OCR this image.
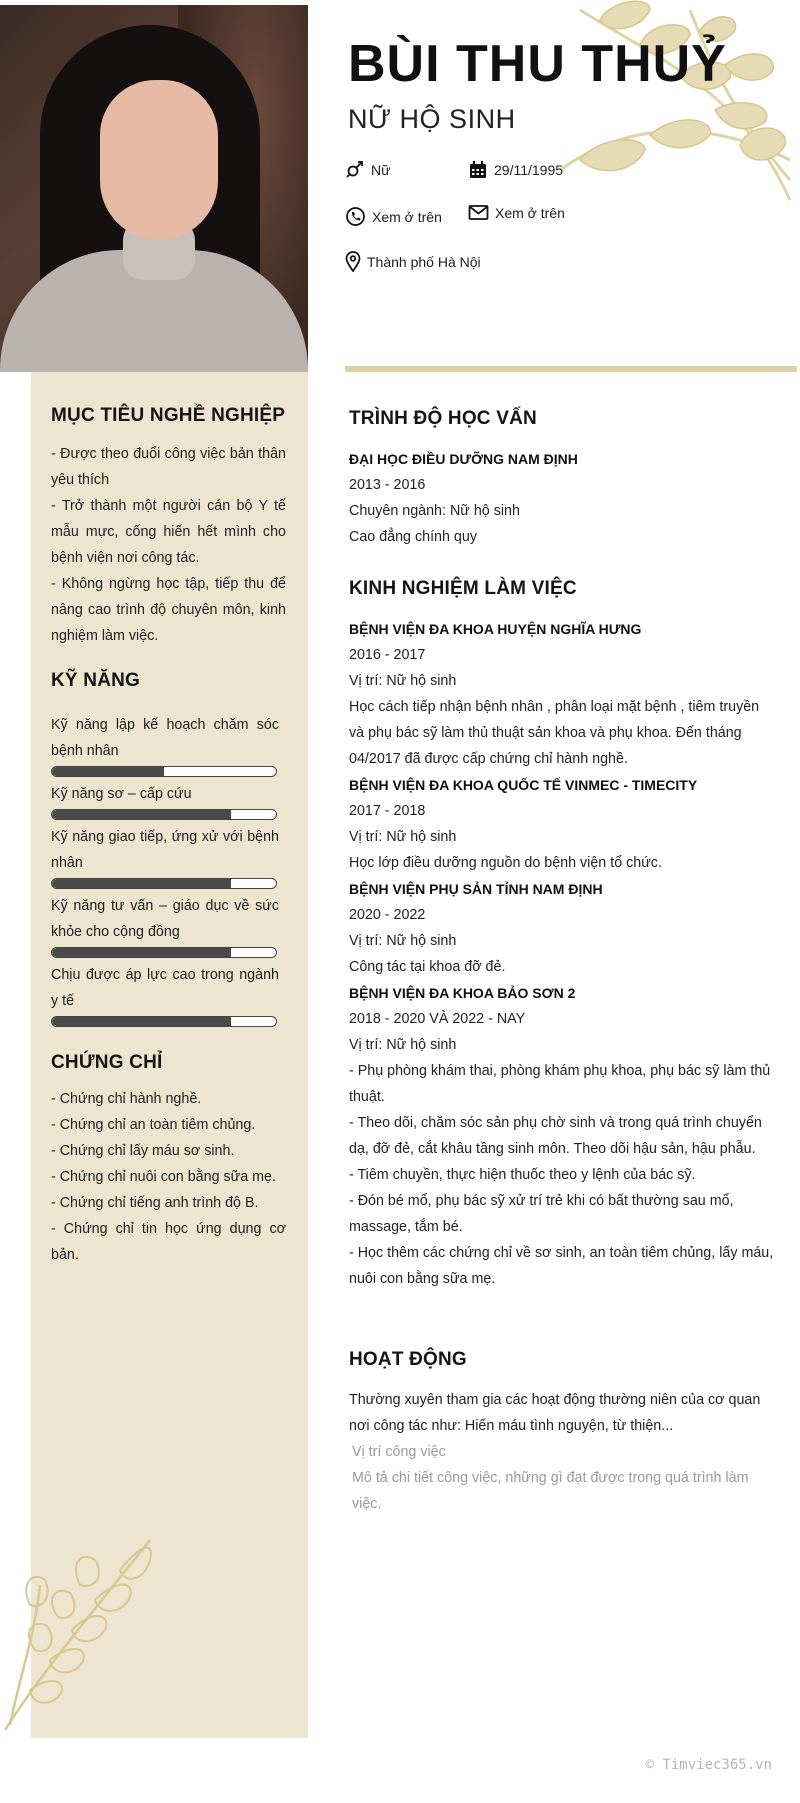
MỤC TIÊU NGHỀ NGHIỆP
- Được theo đuổi công việc bản thân yêu thích
- Trở thành một người cán bộ Y tế mẫu mực, cống hiến hết mình cho bệnh viện nơi công tác.
- Không ngừng học tập, tiếp thu để nâng cao trình độ chuyên môn, kinh nghiệm làm việc.
KỸ NĂNG
Kỹ năng lập kế hoạch chăm sóc bệnh nhân
Kỹ năng sơ – cấp cứu
Kỹ năng giao tiếp, ứng xử với bệnh nhân
Kỹ năng tư vấn – giáo dục về sức khỏe cho cộng đồng
Chịu được áp lực cao trong ngành y tế
CHỨNG CHỈ
- Chứng chỉ hành nghề.
- Chứng chỉ an toàn tiêm chủng.
- Chứng chỉ lấy máu sơ sinh.
- Chứng chỉ nuôi con bằng sữa mẹ.
- Chứng chỉ tiếng anh trình độ B.
- Chứng chỉ tin học ứng dụng cơ bản.
BÙI THU THUỶ
NỮ HỘ SINH
Nữ	29/11/1995
Xem ở trên	Xem ở trên
Thành phố Hà Nội
TRÌNH ĐỘ HỌC VẤN
ĐẠI HỌC ĐIỀU DƯỠNG NAM ĐỊNH
2013 - 2016
Chuyên ngành: Nữ hộ sinh
Cao đẳng chính quy
KINH NGHIỆM LÀM VIỆC
BỆNH VIỆN ĐA KHOA HUYỆN NGHĨA HƯNG
2016 - 2017
Vị trí: Nữ hộ sinh
Học cách tiếp nhận bệnh nhân , phân loại mặt bệnh , tiêm truyền và phụ bác sỹ làm thủ thuật sản khoa và phụ khoa. Đến tháng 04/2017 đã được cấp chứng chỉ hành nghề.
BỆNH VIỆN ĐA KHOA QUỐC TẾ VINMEC - TIMECITY
2017 - 2018
Vị trí: Nữ hộ sinh
Học lớp điều dưỡng nguồn do bệnh viện tổ chức.
BỆNH VIỆN PHỤ SẢN TỈNH NAM ĐỊNH
2020 - 2022
Vị trí: Nữ hộ sinh
Công tác tại khoa đỡ đẻ.
BỆNH VIỆN ĐA KHOA BẢO SƠN 2
2018 - 2020 VÀ 2022 - NAY
Vị trí: Nữ hộ sinh
- Phụ phòng khám thai, phòng khám phụ khoa, phụ bác sỹ làm thủ thuật.
- Theo dõi, chăm sóc sản phụ chờ sinh và trong quá trình chuyển dạ, đỡ đẻ, cắt khâu tầng sinh môn. Theo dõi hậu sản, hậu phẫu.
- Tiêm chuyền, thực hiện thuốc theo y lệnh của bác sỹ.
- Đón bé mổ, phụ bác sỹ xử trí trẻ khi có bất thường sau mổ, massage, tắm bé.
- Học thêm các chứng chỉ về sơ sinh, an toàn tiêm chủng, lấy máu, nuôi con bằng sữa mẹ.
HOẠT ĐỘNG
Thường xuyên tham gia các hoạt động thường niên của cơ quan nơi công tác như: Hiến máu tình nguyện, từ thiện...
Vị trí công việc
Mô tả chi tiết công việc, những gì đạt được trong quá trình làm việc.
© Timviec365.vn
